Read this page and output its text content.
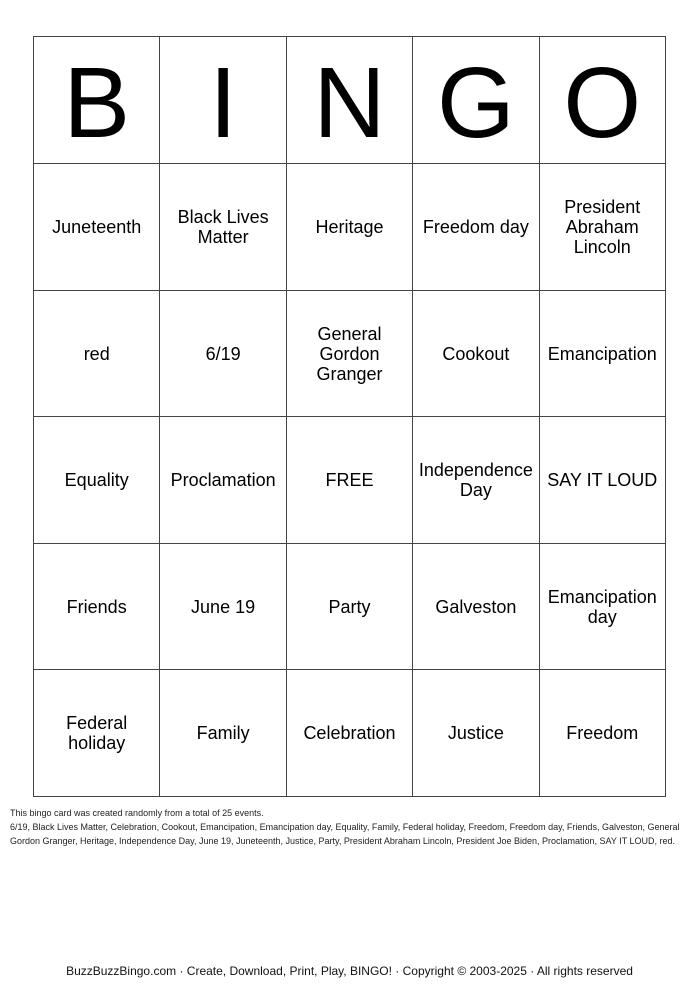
B	I	N	G	O
Juneteenth	Black Lives Matter	Heritage	Freedom day	President Abraham Lincoln
red	6/19	General Gordon Granger	Cookout	Emancipation
Equality	Proclamation	FREE	Independence Day	SAY IT LOUD
Friends	June 19	Party	Galveston	Emancipation day
Federal holiday	Family	Celebration	Justice	Freedom

This bingo card was created randomly from a total of 25 events.

6/19, Black Lives Matter, Celebration, Cookout, Emancipation, Emancipation day, Equality, Family, Federal holiday, Freedom, Freedom day, Friends, Galveston, General Gordon Granger, Heritage, Independence Day, June 19, Juneteenth, Justice, Party, President Abraham Lincoln, President Joe Biden, Proclamation, SAY IT LOUD, red.

BuzzBuzzBingo.com · Create, Download, Print, Play, BINGO! · Copyright © 2003-2025 · All rights reserved
